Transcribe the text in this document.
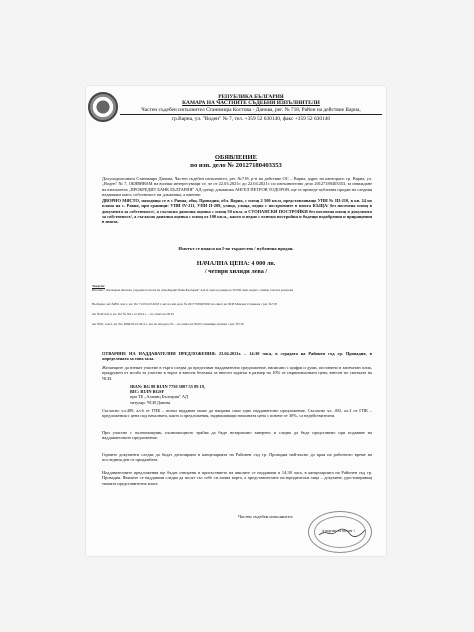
РЕПУБЛИКА БЪЛГАРИЯ
КАМАРА НА ЧАСТНИТЕ СЪДЕБНИ ИЗПЪЛНИТЕЛИ
Частен съдебен изпълнител Станимира Костова - Данова, рег. № 718, Район на действие Варна,
гр.Варна, ул. "Воден" № 7, тел. +359 52 630140, факс +359 52 630140
ОБЯВЛЕНИЕ
по изп. дело № 20127180403353
Долуподписаната Станимира Данова, Частен съдебен изпълнител, рег. №718, р-н на действие ОС – Варна, адрес на канторага: гр. Варна, ул. „Воден" № 7, ОБЯВЯВАМ на всички интересуващи се, че от 22.03.2021г. до 22.04.2021г. по изпълнително дело 20127180403353, за изваждане на взискателя „ПРОКРЕДИТ БАНК БЪЛГАРИЯ" АД срещу длъжника АНГЕЛ ПЕТРОВ ТОДОРОВ, ще се проведе публична продан на следния недвижим имот, собственост на длъжника, а именно:
ДВОРНО МЯСТО, находящо се в с Равна, общ. Провадия, обл. Варна, с площ 2 500 кв.м, представляващо УПИ № III-210, в кв. 24 по плана на с. Равна, при граници: УПИ IV-211, УПИ II-209, улица, улица, ведно с построените в имота КЪЩА/ без посочена площ в документа за собственост/, а съгласно данъчна оценка с площ 50 кв.м. и СТОПАНСКИ ПОСТРОЙКИ без посочена площ в документа за собственост/, а съгласно данъчна оценка с площ от 100 кв.м., както и ведно с всички постройки и бъдещи подобрения и приращения в имота.
Имотът се изнася на I-во тържество / публична продан.
НАЧАЛНА ЦЕНА: 4 000 лв.
/ четири хиляди лева /
Тежести:
Ипотека : Договорна ипотека, учредена в полза на „ПроКредит Банк България" АД за сума в размер на 30 000 лева, ведно с лихви, такси и разноски
Възбрана: акт №891 том 1, вх. Рег 712/01.03.2018 г. акт по изп.дело № 20177180403560 по описа на ЧСИ Момчил Стаменов с рег. №718
акт №49 том 2, вх. Рег № 3011 от 2014 г. ... по описа на ЧСИ
акт №81, том 2, вх. Рег 4866/03.10.2012 г. акт по изп.дело № ... по описа на ЧСИ Станимира Данова с рег. №718
ОТВАРЯНЕ НА НАДДАВАТЕЛНИ ПРЕДЛОЖЕНИЯ: 23.04.2021г. – 14:30 часа, в сградата на Районен съд гр. Провадия, в определената за това зала.
Желаещите да вземат участие в търга следва да представят наддавателно предложение, написано с цифри и думи, поставено в запечатан плик, придружен от молба за участие в търга и вносна бележка за внесен задатък в размер на 10% от първоначалната цена, внесен по сметката на ЧСИ.
IBAN: BG 88 RUIN 7750 5007 55 89 19,
BIC: RUIN BGSF
при ТБ „Алианц България" АД
титуляр: ЧСИ Данова
Съгласно чл.489, ал.6 от ГПК – всеки наддавач може да направи само едно наддавателно предложение. Съгласно чл. 492, ал.2 от ГПК – предложения с цена под началната, както и предложения, надвишаващи началната цена с повече от 30%, са недействителни.
При участие с пълномощник, пълномощното трябва да бъде нотариално заверено и следва да бъде представено при подаване на наддавателното предложение.
Горните документи следва да бъдат депозирани в канцеларията на Районен съд гр. Провадия най-късно до края на работното време на последния ден от продажбата.
Наддавателните предложения ще бъдат отворени в присъствието на явилите се наддавачи в 14:30 часа, в канцеларията на Районен съд гр. Провадия. Явилите се наддавачи следва да носят със себе си лична карта, а представителите на юридически лица – документ, удостоверяващ тяхната представителна власт.
Частен съдебен изпълнител:
/подпис и печат /
